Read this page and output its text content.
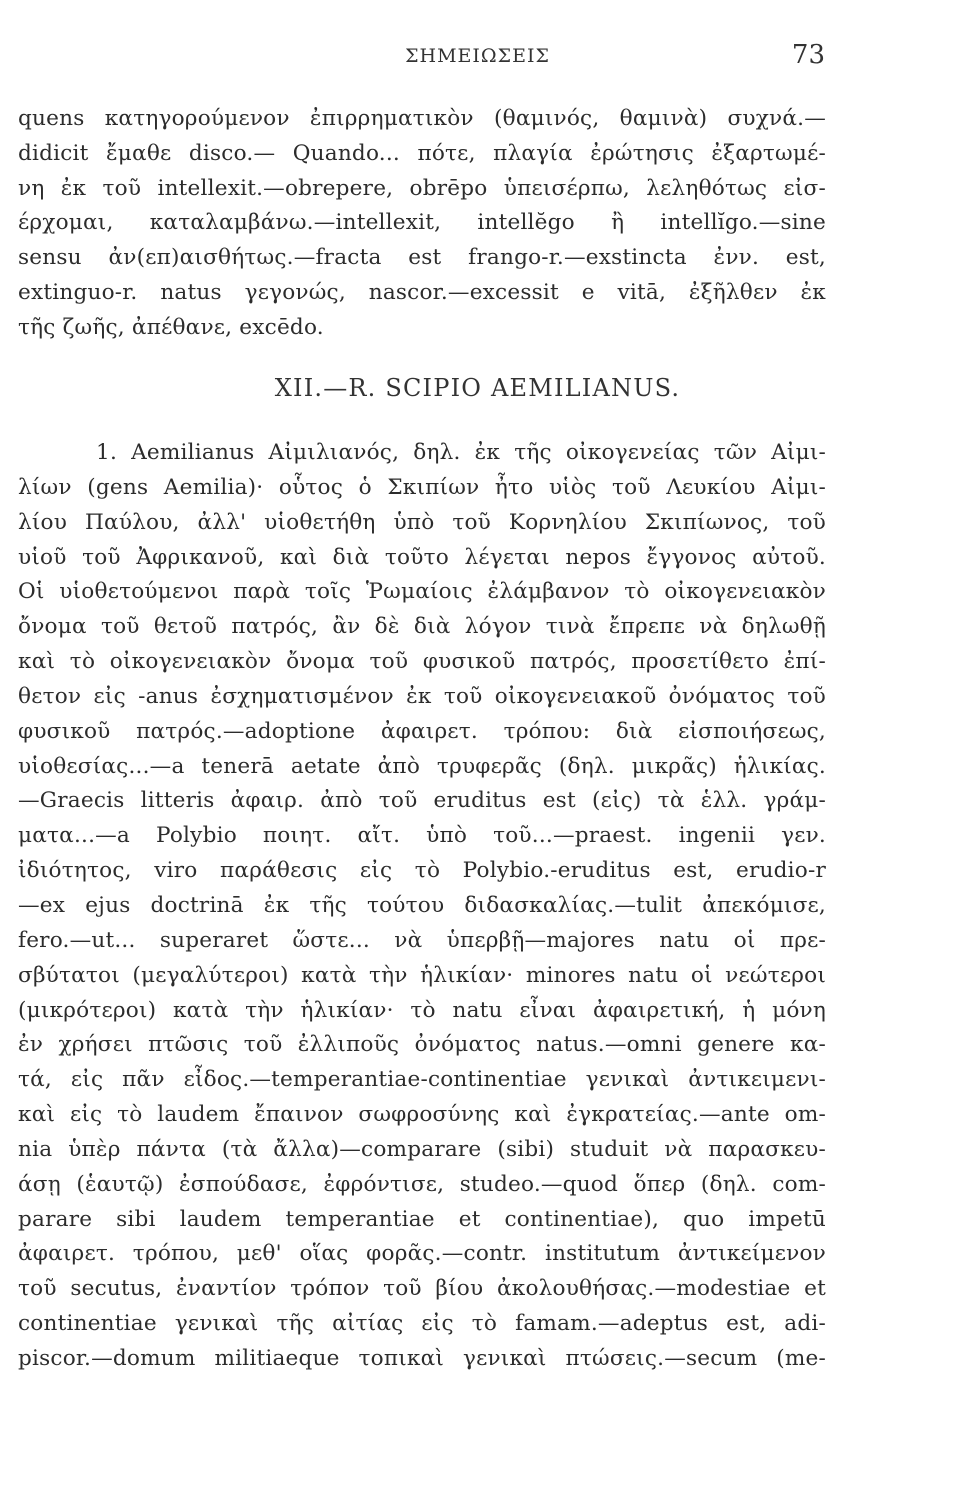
ΣΗΜΕΙΩΣΕΙΣ	73
quens κατηγορούμενον ἐπιρρηματικὸν (θαμινός, θαμινὰ) συχνά.—
didicit ἔμαθε disco.— Quando... πότε, πλαγία ἐρώτησις ἐξαρτωμέ-
νη ἐκ τοῦ intellexit.—obrepere, obrēpo ὑπεισέρπω, λεληθότως εἰσ-
έρχομαι, καταλαμβάνω.—intellexit, intellĕgo ἢ intellĭgo.—sine
sensu ἀν(επ)αισθήτως.—fracta est frango-r.—exstincta ἐνν. est,
extinguo-r. natus γεγονώς, nascor.—excessit e vitā, ἐξῆλθεν ἐκ
τῆς ζωῆς, ἀπέθανε, excēdo.
XII.—R. SCIPIO AEMILIANUS.
1. Aemilianus Αἰμιλιανός, δηλ. ἐκ τῆς οἰκογενείας τῶν Αἰμι-
λίων (gens Aemilia)· οὗτος ὁ Σκιπίων ἦτο υἱὸς τοῦ Λευκίου Αἰμι-
λίου Παύλου, ἀλλ' υἱοθετήθη ὑπὸ τοῦ Κορνηλίου Σκιπίωνος, τοῦ
υἱοῦ τοῦ Ἀφρικανοῦ, καὶ διὰ τοῦτο λέγεται nepos ἔγγονος αὐτοῦ.
Οἱ υἱοθετούμενοι παρὰ τοῖς Ῥωμαίοις ἐλάμβανον τὸ οἰκογενειακὸν
ὄνομα τοῦ θετοῦ πατρός, ἂν δὲ διὰ λόγον τινὰ ἔπρεπε νὰ δηλωθῇ
καὶ τὸ οἰκογενειακὸν ὄνομα τοῦ φυσικοῦ πατρός, προσετίθετο ἐπί-
θετον εἰς -anus ἐσχηματισμένον ἐκ τοῦ οἰκογενειακοῦ ὀνόματος τοῦ
φυσικοῦ πατρός.—adoptione ἀφαιρετ. τρόπου: διὰ εἰσποιήσεως,
υἱοθεσίας...—a tenerā aetate ἀπὸ τρυφερᾶς (δηλ. μικρᾶς) ἡλικίας.
—Graecis litteris ἀφαιρ. ἀπὸ τοῦ eruditus est (εἰς) τὰ ἑλλ. γράμ-
ματα...—a Polybio ποιητ. αἴτ. ὑπὸ τοῦ...—praest. ingenii γεν.
ἰδιότητος, viro παράθεσις εἰς τὸ Polybio.-eruditus est, erudio-r
—ex ejus doctrinā ἐκ τῆς τούτου διδασκαλίας.—tulit ἀπεκόμισε,
fero.—ut... superaret ὥστε... νὰ ὑπερβῇ—majores natu οἱ πρε-
σβύτατοι (μεγαλύτεροι) κατὰ τὴν ἡλικίαν· minores natu οἱ νεώτεροι
(μικρότεροι) κατὰ τὴν ἡλικίαν· τὸ natu εἶναι ἀφαιρετική, ἡ μόνη
ἐν χρήσει πτῶσις τοῦ ἐλλιποῦς ὀνόματος natus.—omni genere κα-
τά, εἰς πᾶν εἶδος.—temperantiae-continentiae γενικαὶ ἀντικειμενι-
καὶ εἰς τὸ laudem ἔπαινον σωφροσύνης καὶ ἐγκρατείας.—ante om-
nia ὑπὲρ πάντα (τὰ ἄλλα)—comparare (sibi) studuit νὰ παρασκευ-
άσῃ (ἑαυτῷ) ἐσπούδασε, ἐφρόντισε, studeo.—quod ὅπερ (δηλ. com-
parare sibi laudem temperantiae et continentiae), quo impetū
ἀφαιρετ. τρόπου, μεθ' οἵας φορᾶς.—contr. institutum ἀντικείμενον
τοῦ secutus, ἐναντίον τρόπον τοῦ βίου ἀκολουθήσας.—modestiae et
continentiae γενικαὶ τῆς αἰτίας εἰς τὸ famam.—adeptus est, adi-
piscor.—domum militiaeque τοπικαὶ γενικαὶ πτώσεις.—secum (me-
